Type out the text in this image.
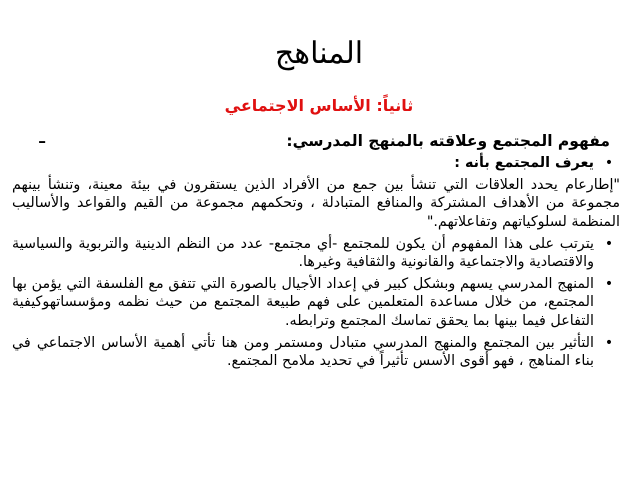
المناهج
ثانياً: الأساس الاجتماعي
مفهوم المجتمع وعلاقته بالمنهج المدرسي:
–
•
يعرف المجتمع بأنه :
"إطارعام يحدد العلاقات التي تنشأ بين جمع من الأفراد الذين يستقرون في بيئة معينة، وتنشأ بينهم مجموعة من الأهداف المشتركة والمنافع المتبادلة ، وتحكمهم مجموعة من القيم والقواعد والأساليب المنظمة لسلوكياتهم وتفاعلاتهم."
•
يترتب على هذا المفهوم أن يكون للمجتمع -أي مجتمع- عدد من النظم الدينية والتربوية والسياسية والاقتصادية والاجتماعية والقانونية والثقافية وغيرها.
•
المنهج المدرسي يسهم وبشكل كبير في إعداد الأجيال بالصورة التي تتفق مع الفلسفة التي يؤمن بها المجتمع، من خلال مساعدة المتعلمين على فهم طبيعة المجتمع من حيث نظمه ومؤسساتهوكيفية التفاعل فيما بينها بما يحقق تماسك المجتمع وترابطه.
•
التأثير بين المجتمع والمنهج المدرسي متبادل ومستمر ومن هنا تأتي أهمية الأساس الاجتماعي في بناء المناهج ، فهو أقوى الأسس تأثيراً في تحديد ملامح المجتمع.
